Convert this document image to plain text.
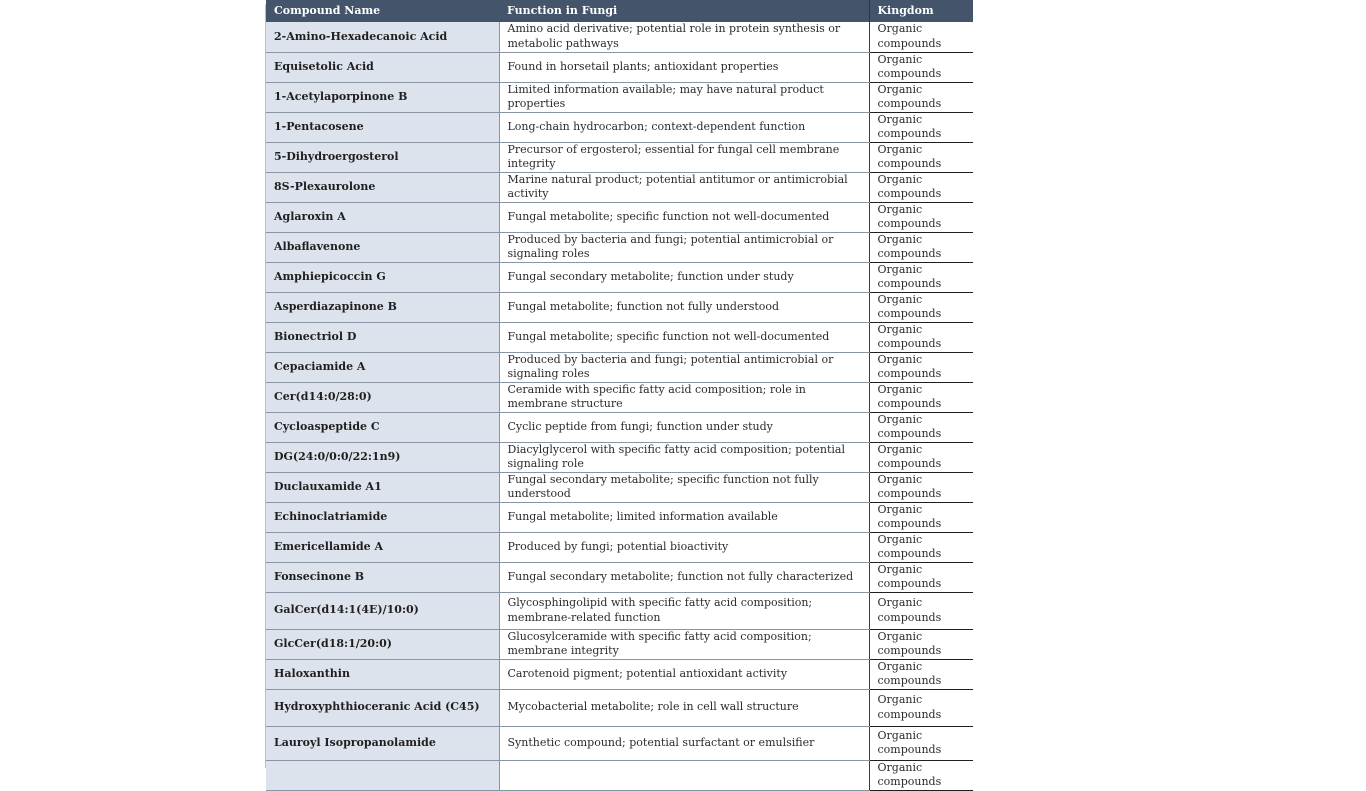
Compound Name	Function in Fungi	Kingdom
2-Amino-Hexadecanoic Acid	Amino acid derivative; potential role in protein synthesis or metabolic pathways	Organic compounds
Equisetolic Acid	Found in horsetail plants; antioxidant properties	Organic compounds
1-Acetylaporpinone B	Limited information available; may have natural product properties	Organic compounds
1-Pentacosene	Long-chain hydrocarbon; context-dependent function	Organic compounds
5-Dihydroergosterol	Precursor of ergosterol; essential for fungal cell membrane integrity	Organic compounds
8S-Plexaurolone	Marine natural product; potential antitumor or antimicrobial activity	Organic compounds
Aglaroxin A	Fungal metabolite; specific function not well-documented	Organic compounds
Albaflavenone	Produced by bacteria and fungi; potential antimicrobial or signaling roles	Organic compounds
Amphiepicoccin G	Fungal secondary metabolite; function under study	Organic compounds
Asperdiazapinone B	Fungal metabolite; function not fully understood	Organic compounds
Bionectriol D	Fungal metabolite; specific function not well-documented	Organic compounds
Cepaciamide A	Produced by bacteria and fungi; potential antimicrobial or signaling roles	Organic compounds
Cer(d14:0/28:0)	Ceramide with specific fatty acid composition; role in membrane structure	Organic compounds
Cycloaspeptide C	Cyclic peptide from fungi; function under study	Organic compounds
DG(24:0/0:0/22:1n9)	Diacylglycerol with specific fatty acid composition; potential signaling role	Organic compounds
Duclauxamide A1	Fungal secondary metabolite; specific function not fully understood	Organic compounds
Echinoclatriamide	Fungal metabolite; limited information available	Organic compounds
Emericellamide A	Produced by fungi; potential bioactivity	Organic compounds
Fonsecinone B	Fungal secondary metabolite; function not fully characterized	Organic compounds
GalCer(d14:1(4E)/10:0)	Glycosphingolipid with specific fatty acid composition; membrane-related function	Organic compounds
GlcCer(d18:1/20:0)	Glucosylceramide with specific fatty acid composition; membrane integrity	Organic compounds
Haloxanthin	Carotenoid pigment; potential antioxidant activity	Organic compounds
Hydroxyphthioceranic Acid (C45)	Mycobacterial metabolite; role in cell wall structure	Organic compounds
Lauroyl Isopropanolamide	Synthetic compound; potential surfactant or emulsifier	Organic compounds
		Organic compounds
